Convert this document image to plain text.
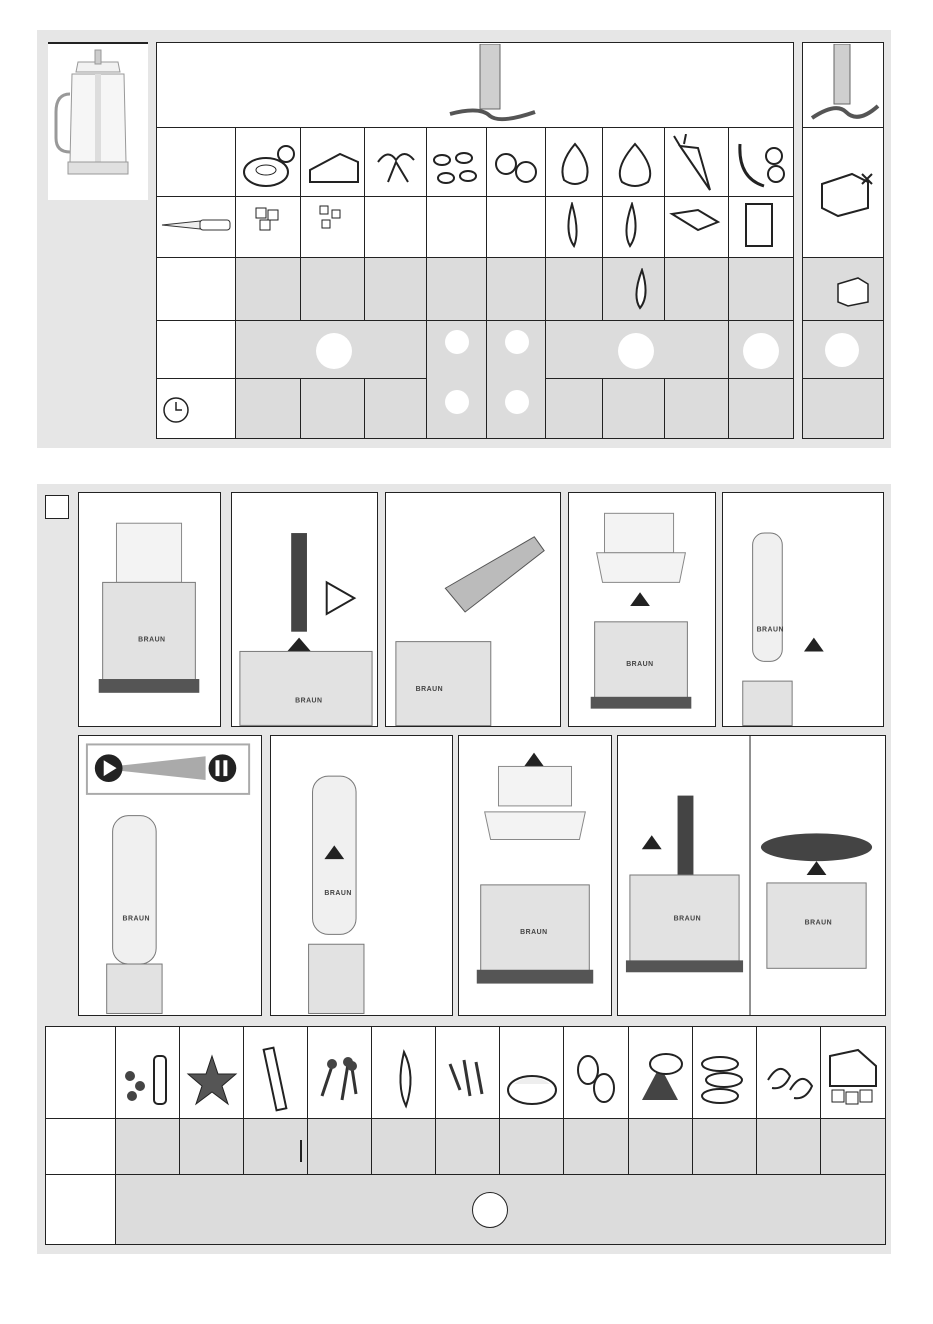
BRAUN
BRAUN
BRAUN
BRAUN
BRAUN
BRAUN
BRAUN
BRAUN
BRAUN
BRAUN
